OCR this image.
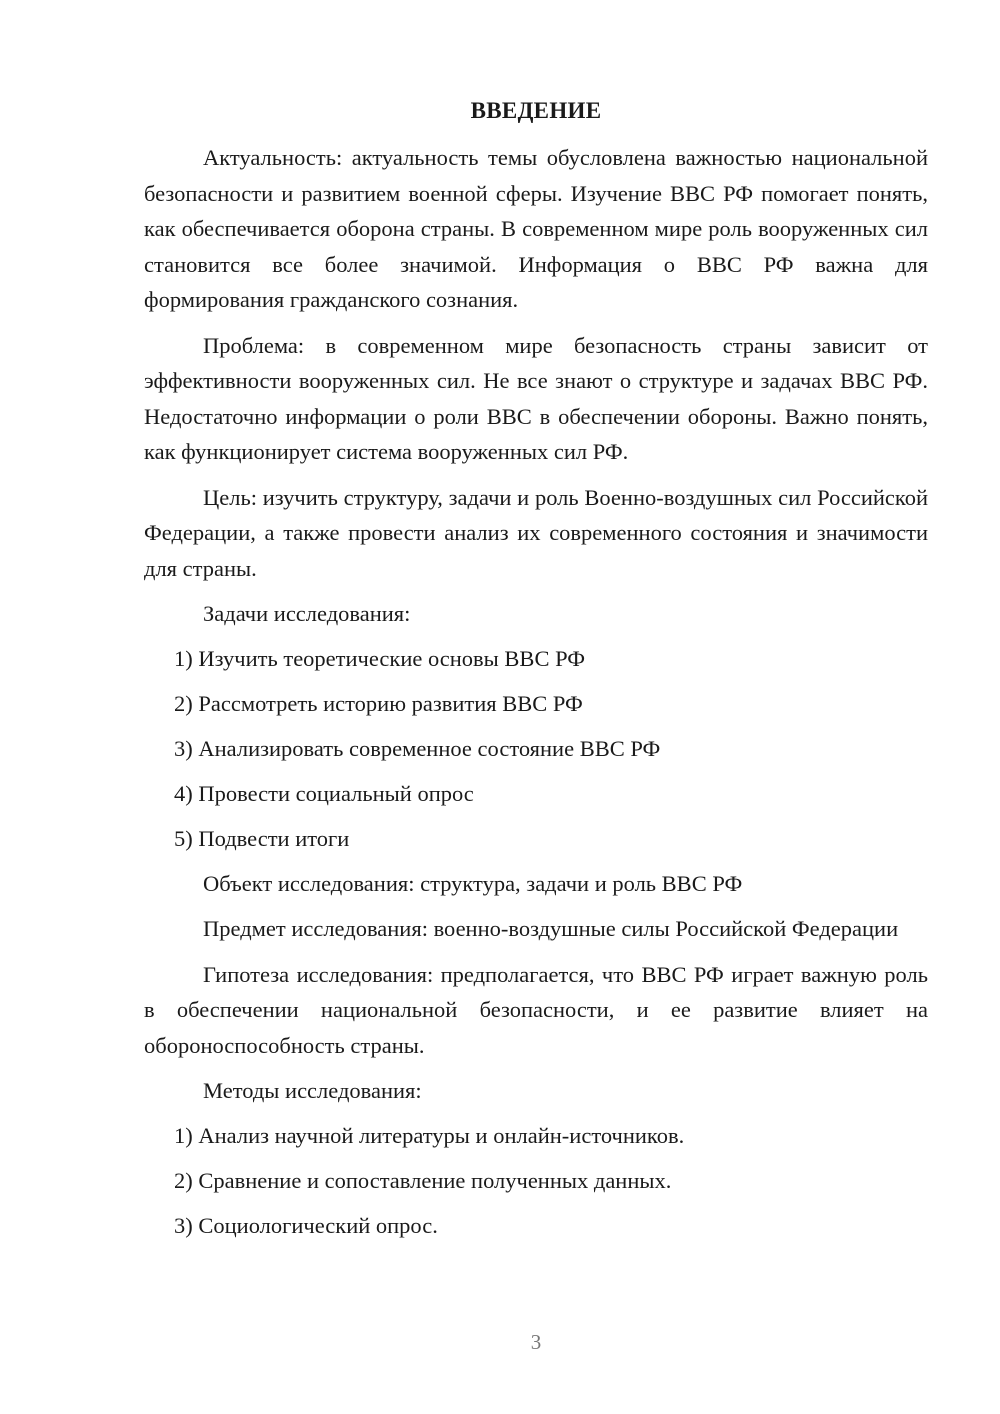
ВВЕДЕНИЕ

Актуальность: актуальность темы обусловлена важностью национальной безопасности и развитием военной сферы. Изучение ВВС РФ помогает понять, как обеспечивается оборона страны. В современном мире роль вооруженных сил становится все более значимой. Информация о ВВС РФ важна для формирования гражданского сознания.

Проблема: в современном мире безопасность страны зависит от эффективности вооруженных сил. Не все знают о структуре и задачах ВВС РФ. Недостаточно информации о роли ВВС в обеспечении обороны. Важно понять, как функционирует система вооруженных сил РФ.

Цель: изучить структуру, задачи и роль Военно-воздушных сил Российской Федерации, а также провести анализ их современного состояния и значимости для страны.

Задачи исследования:
1) Изучить теоретические основы ВВС РФ
2) Рассмотреть историю развития ВВС РФ
3) Анализировать современное состояние ВВС РФ
4) Провести социальный опрос
5) Подвести итоги
Объект исследования: структура, задачи и роль ВВС РФ

Предмет исследования: военно-воздушные силы Российской Федерации

Гипотеза исследования: предполагается, что ВВС РФ играет важную роль в обеспечении национальной безопасности, и ее развитие влияет на обороноспособность страны.

Методы исследования:
1) Анализ научной литературы и онлайн-источников.
2) Сравнение и сопоставление полученных данных.
3) Социологический опрос.
3
